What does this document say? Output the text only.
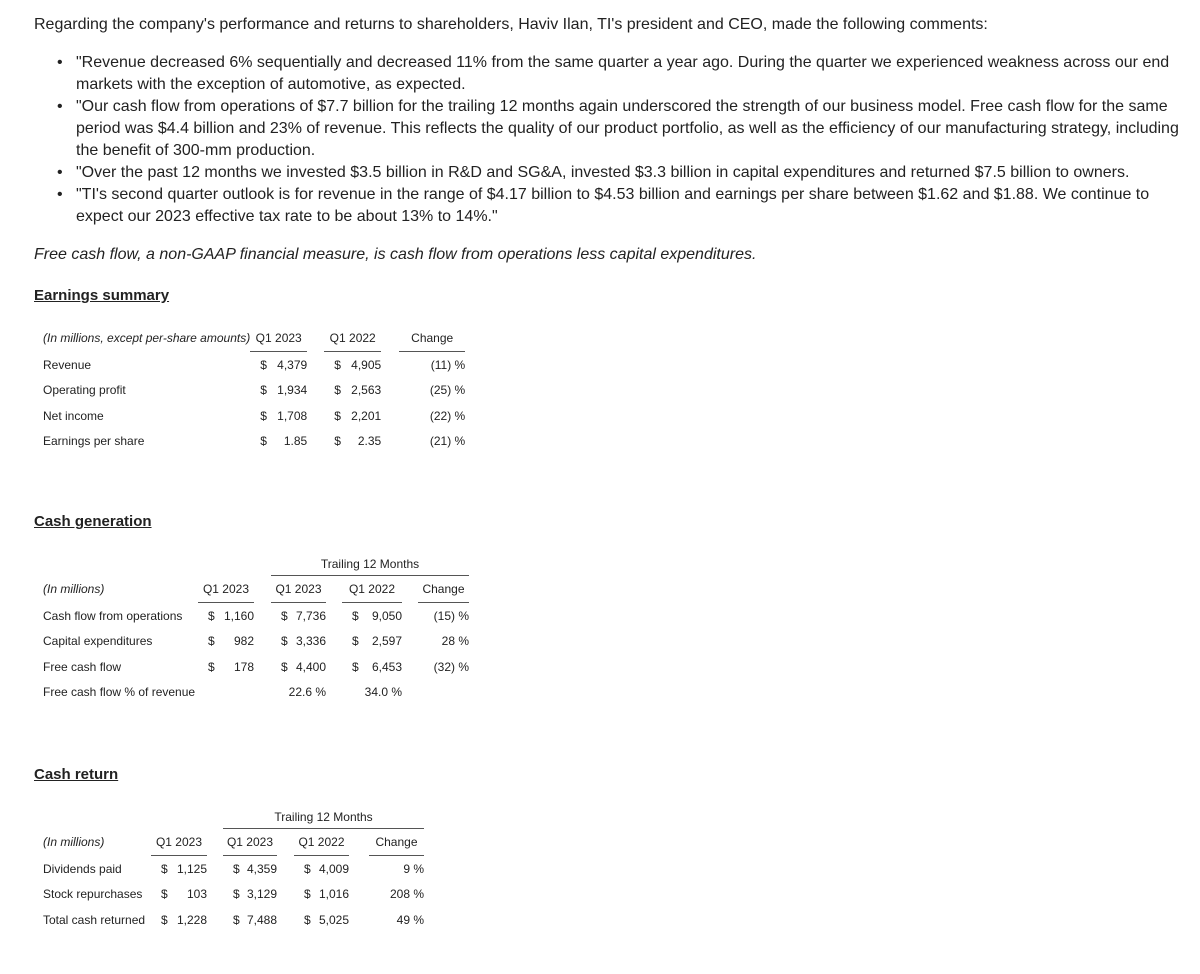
Regarding the company's performance and returns to shareholders, Haviv Ilan, TI's president and CEO, made the following comments:
• "Revenue decreased 6% sequentially and decreased 11% from the same quarter a year ago. During the quarter we experienced weakness across our end markets with the exception of automotive, as expected.
• "Our cash flow from operations of $7.7 billion for the trailing 12 months again underscored the strength of our business model. Free cash flow for the same period was $4.4 billion and 23% of revenue. This reflects the quality of our product portfolio, as well as the efficiency of our manufacturing strategy, including the benefit of 300-mm production.
• "Over the past 12 months we invested $3.5 billion in R&D and SG&A, invested $3.3 billion in capital expenditures and returned $7.5 billion to owners.
• "TI's second quarter outlook is for revenue in the range of $4.17 billion to $4.53 billion and earnings per share between $1.62 and $1.88. We continue to expect our 2023 effective tax rate to be about 13% to 14%."
Free cash flow, a non-GAAP financial measure, is cash flow from operations less capital expenditures.
Earnings summary
(In millions, except per-share amounts)	Q1 2023			Q1 2022			Change
Revenue	$	4,379		$	4,905		(11) %
Operating profit	$	1,934		$	2,563		(25) %
Net income	$	1,708		$	2,201		(22) %
Earnings per share	$	1.85		$	2.35		(21) %
Cash generation
				Trailing 12 Months						
(In millions)	Q1 2023			Q1 2023			Q1 2022			Change
Cash flow from operations	$	1,160		$	7,736		$	9,050		(15) %
Capital expenditures	$	982		$	3,336		$	2,597		28 %
Free cash flow	$	178		$	4,400		$	6,453		(32) %
Free cash flow % of revenue				22.6 %			34.0 %			
Cash return
				Trailing 12 Months						
(In millions)	Q1 2023			Q1 2023			Q1 2022			Change
Dividends paid	$	1,125		$	4,359		$	4,009		9 %
Stock repurchases	$	103		$	3,129		$	1,016		208 %
Total cash returned	$	1,228		$	7,488		$	5,025		49 %
